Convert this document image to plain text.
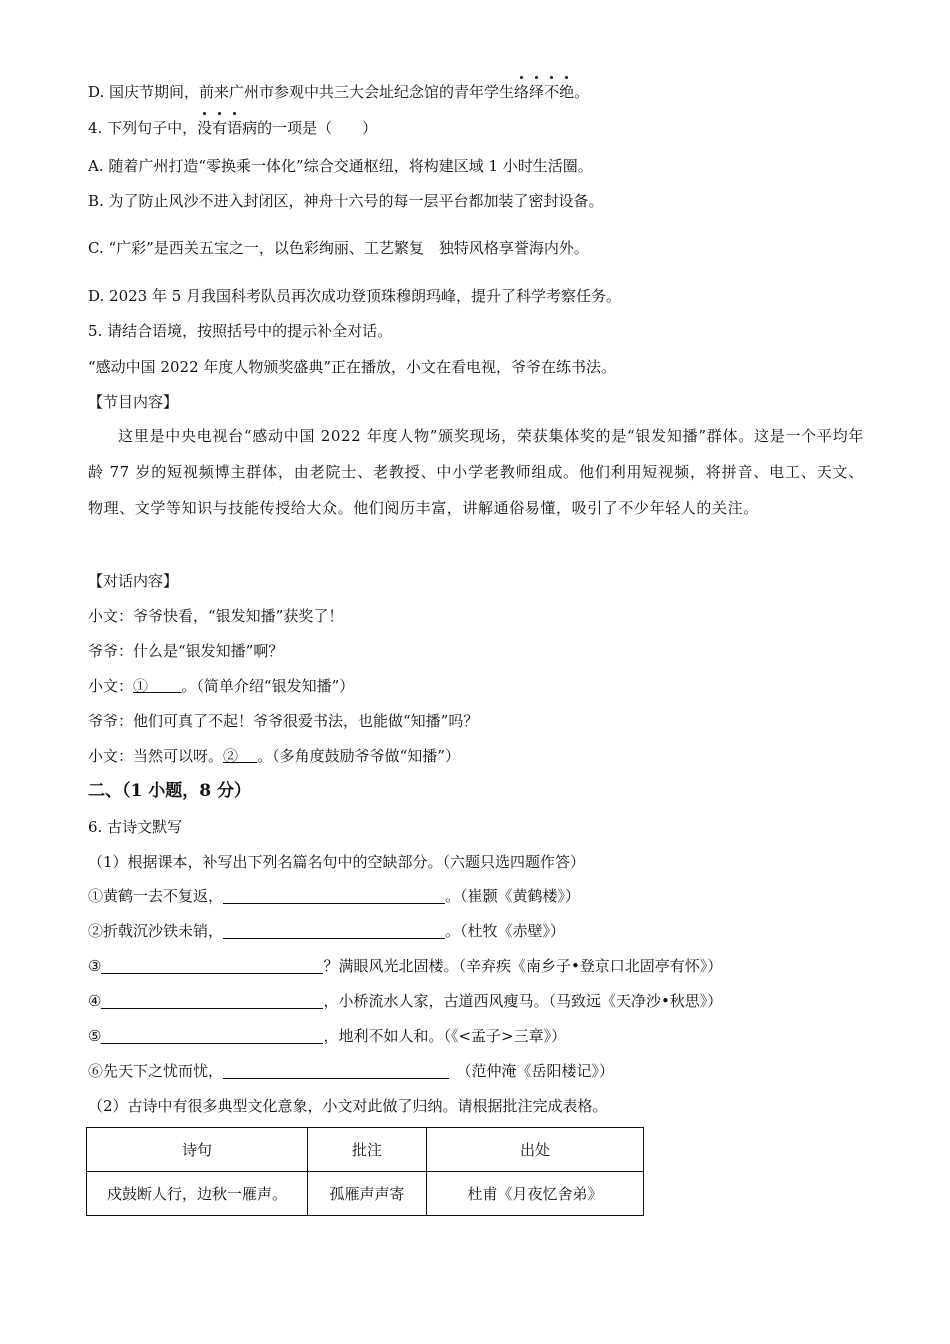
D. 国庆节期间，前来广州市参观中共三大会址纪念馆的青年学生络绎不绝。
4. 下列句子中，没有语病的一项是（　　）
A. 随着广州打造“零换乘一体化”综合交通枢纽，将构建区域 1 小时生活圈。
B. 为了防止风沙不进入封闭区，神舟十六号的每一层平台都加装了密封设备。
C. “广彩”是西关五宝之一，以色彩绚丽、工艺繁复　独特风格享誉海内外。
D. 2023 年 5 月我国科考队员再次成功登顶珠穆朗玛峰，提升了科学考察任务。
5. 请结合语境，按照括号中的提示补全对话。
“感动中国 2022 年度人物颁奖盛典”正在播放，小文在看电视，爷爷在练书法。
【节目内容】
这里是中央电视台“感动中国 2022 年度人物”颁奖现场，荣获集体奖的是“银发知播”群体。这是一个平均年龄 77 岁的短视频博主群体，由老院士、老教授、中小学老教师组成。他们利用短视频，将拼音、电工、天文、物理、文学等知识与技能传授给大众。他们阅历丰富，讲解通俗易懂，吸引了不少年轻人的关注。
【对话内容】
小文：爷爷快看，“银发知播”获奖了！
爷爷：什么是“银发知播”啊？
小文：① 。（简单介绍“银发知播”）
爷爷：他们可真了不起！爷爷很爱书法，也能做“知播”吗？
小文：当然可以呀。② 。（多角度鼓励爷爷做“知播”）
二、（1 小题，8 分）
6. 古诗文默写
（1）根据课本，补写出下列名篇名句中的空缺部分。（六题只选四题作答）
①黄鹤一去不复返，	。（崔颢《黄鹤楼》）
②折戟沉沙铁未销，	。（杜牧《赤壁》）
③	？满眼风光北固楼。（辛弃疾《南乡子•登京口北固亭有怀》）
④	，小桥流水人家，古道西风瘦马。（马致远《天净沙•秋思》）
⑤	，地利不如人和。（《<孟子>三章》）
⑥先天下之忧而忧，	　（范仲淹《岳阳楼记》）
（2）古诗中有很多典型文化意象，小文对此做了归纳。请根据批注完成表格。
诗句	批注	出处
戍鼓断人行，边秋一雁声。	孤雁声声寄	杜甫《月夜忆舍弟》
